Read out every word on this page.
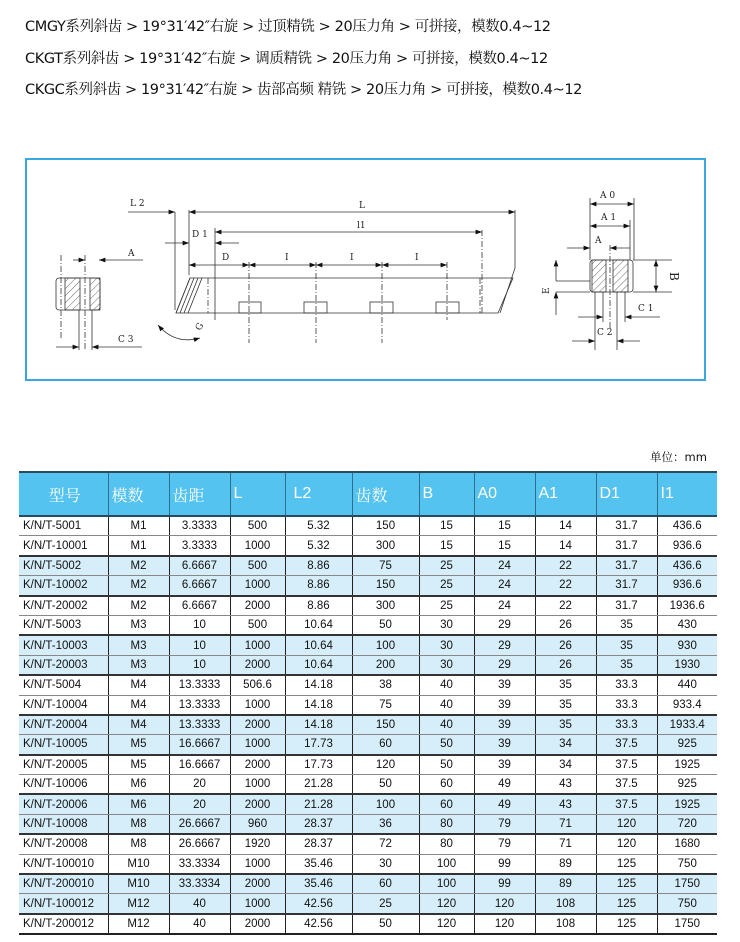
CMGY系列斜齿 > 19°31′42″右旋 > 过顶精铣 > 20压力角 > 可拼接，模数0.4~12
CKGT系列斜齿 > 19°31′42″右旋 > 调质精铣 > 20压力角 > 可拼接，模数0.4~12
CKGC系列斜齿 > 19°31′42″右旋 > 齿部高频 精铣 > 20压力角 > 可拼接，模数0.4~12
L 2	L
l1
D 1
D	I	I	I
A
C 3
G
A 0
A 1
A
B
E
C 1
C 2
单位：mm
型号	模数	齿距	L	L2	齿数	B	A0	A1	D1	I1
K/N/T-5001	M1	3.3333	500	5.32	150	15	15	14	31.7	436.6
K/N/T-10001	M1	3.3333	1000	5.32	300	15	15	14	31.7	936.6
K/N/T-5002	M2	6.6667	500	8.86	75	25	24	22	31.7	436.6
K/N/T-10002	M2	6.6667	1000	8.86	150	25	24	22	31.7	936.6
K/N/T-20002	M2	6.6667	2000	8.86	300	25	24	22	31.7	1936.6
K/N/T-5003	M3	10	500	10.64	50	30	29	26	35	430
K/N/T-10003	M3	10	1000	10.64	100	30	29	26	35	930
K/N/T-20003	M3	10	2000	10.64	200	30	29	26	35	1930
K/N/T-5004	M4	13.3333	506.6	14.18	38	40	39	35	33.3	440
K/N/T-10004	M4	13.3333	1000	14.18	75	40	39	35	33.3	933.4
K/N/T-20004	M4	13.3333	2000	14.18	150	40	39	35	33.3	1933.4
K/N/T-10005	M5	16.6667	1000	17.73	60	50	39	34	37.5	925
K/N/T-20005	M5	16.6667	2000	17.73	120	50	39	34	37.5	1925
K/N/T-10006	M6	20	1000	21.28	50	60	49	43	37.5	925
K/N/T-20006	M6	20	2000	21.28	100	60	49	43	37.5	1925
K/N/T-10008	M8	26.6667	960	28.37	36	80	79	71	120	720
K/N/T-20008	M8	26.6667	1920	28.37	72	80	79	71	120	1680
K/N/T-100010	M10	33.3334	1000	35.46	30	100	99	89	125	750
K/N/T-200010	M10	33.3334	2000	35.46	60	100	99	89	125	1750
K/N/T-100012	M12	40	1000	42.56	25	120	120	108	125	750
K/N/T-200012	M12	40	2000	42.56	50	120	120	108	125	1750
